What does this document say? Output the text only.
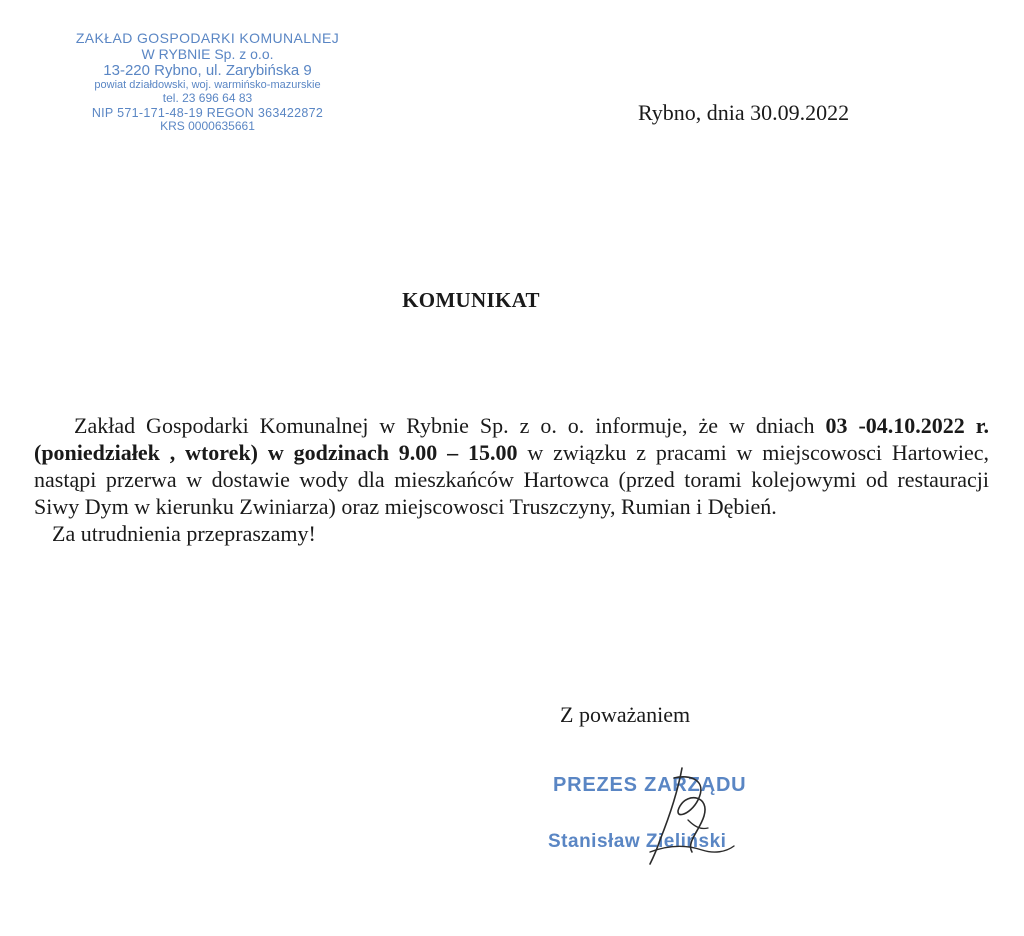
ZAKŁAD GOSPODARKI KOMUNALNEJ
W RYBNIE Sp. z o.o.
13-220 Rybno, ul. Zarybińska 9
powiat działdowski, woj. warmińsko-mazurskie
tel. 23 696 64 83
NIP 571-171-48-19 REGON 363422872
KRS 0000635661
Rybno, dnia 30.09.2022
KOMUNIKAT

Zakład Gospodarki Komunalnej w Rybnie Sp. z o. o. informuje, że w dniach 03 -04.10.2022 r. (poniedziałek , wtorek) w godzinach 9.00 – 15.00 w związku z pracami w miejscowosci Hartowiec, nastąpi przerwa w dostawie wody dla mieszkańców Hartowca (przed torami kolejowymi od restauracji Siwy Dym w kierunku Zwiniarza) oraz miejscowosci Truszczyny, Rumian i Dębień.

Za utrudnienia przepraszamy!

Z poważaniem
PREZES ZARZĄDU
Stanisław Zieliński
